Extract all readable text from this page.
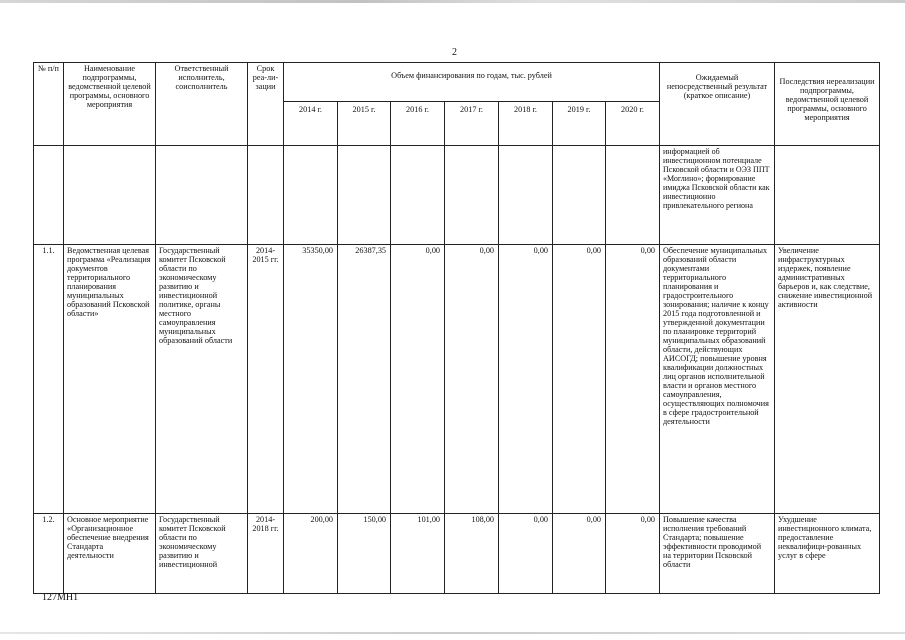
2
№ п/п	Наименование подпрограммы, ведомственной целевой программы, основного мероприятия	Ответственный исполнитель, соисполнитель	Срок реа-ли-зации	Объем финансирования по годам, тыс. рублей							Ожидаемый непосредственный результат (краткое описание)	Последствия нереализации подпрограммы, ведомственной целевой программы, основного мероприятия
				2014 г.	2015 г.	2016 г.	2017 г.	2018 г.	2019 г.	2020 г.		
											информацией об инвестиционном потенциале Псковской области и ОЭЗ ППТ «Моглино»; формирование имиджа Псковской области как инвестиционно привлекательного региона	
1.1.	Ведомственная целевая программа «Реализация документов территориального планирования муниципальных образований Псковской области»	Государственный комитет Псковской области по экономическому развитию и инвестиционной политике, органы местного самоуправления муниципальных образований области	2014-2015 гг.	35350,00	26387,35	0,00	0,00	0,00	0,00	0,00	Обеспечение муниципальных образований области документами территориального планирования и градостроительного зонирования; наличие к концу 2015 года подготовленной и утвержденной документации по планировке территорий муниципальных образований области, действующих АИСОГД; повышение уровня квалификации должностных лиц органов исполнительной власти и органов местного самоуправления, осуществляющих полномочия в сфере градостроительной деятельности	Увеличение инфраструктурных издержек, появление административных барьеров и, как следствие, снижение инвестиционной активности
1.2.	Основное мероприятие «Организационное обеспечение внедрения Стандарта деятельности	Государственный комитет Псковской области по экономическому развитию и инвестиционной	2014-2018 гг.	200,00	150,00	101,00	108,00	0,00	0,00	0,00	Повышение качества исполнения требований Стандарта; повышение эффективности проводимой на территории Псковской области	Ухудшение инвестиционного климата, предоставление неквалифици-рованных услуг в сфере
127МН1
